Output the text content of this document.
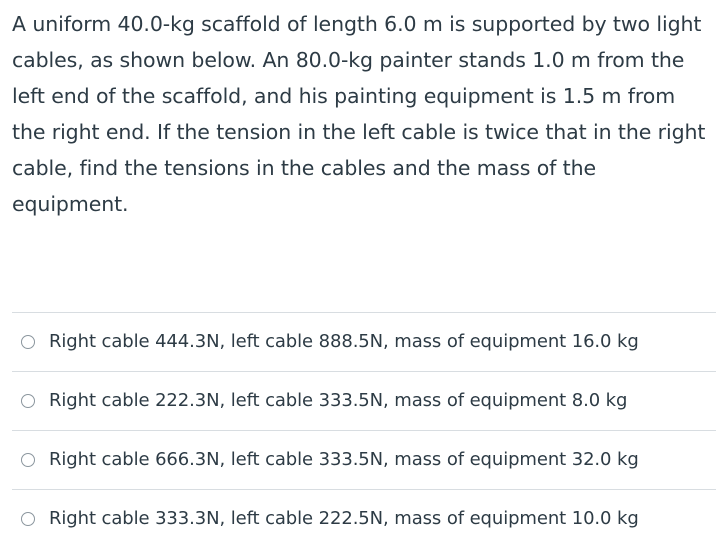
A uniform 40.0-kg scaffold of length 6.0 m is supported by two light cables, as shown below. An 80.0-kg painter stands 1.0 m from the left end of the scaffold, and his painting equipment is 1.5 m from the right end. If the tension in the left cable is twice that in the right cable, find the tensions in the cables and the mass of the equipment.
Right cable 444.3N, left cable 888.5N, mass of equipment 16.0 kg
Right cable 222.3N, left cable 333.5N, mass of equipment 8.0 kg
Right cable 666.3N, left cable 333.5N, mass of equipment 32.0 kg
Right cable 333.3N, left cable 222.5N, mass of equipment 10.0 kg
